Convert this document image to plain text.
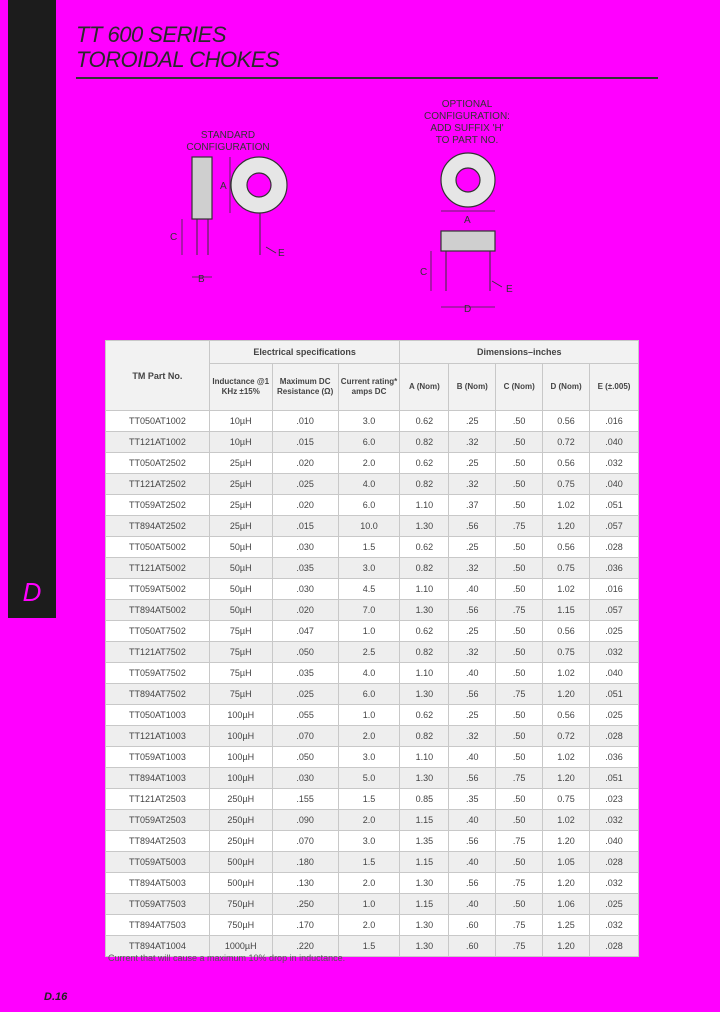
D
TT 600 SERIES
TOROIDAL CHOKES
STANDARD
CONFIGURATION
A
C
B
E
OPTIONAL
CONFIGURATION:
ADD SUFFIX 'H'
TO PART NO.
A
C
D
E
TM Part No.	Electrical specifications			Dimensions–inches				
	Inductance @1 KHz ±15%	Maximum DC Resistance (Ω)	Current rating* amps DC	A (Nom)	B (Nom)	C (Nom)	D (Nom)	E (±.005)
TT050AT1002	10µH	.010	3.0	0.62	.25	.50	0.56	.016
TT121AT1002	10µH	.015	6.0	0.82	.32	.50	0.72	.040
TT050AT2502	25µH	.020	2.0	0.62	.25	.50	0.56	.032
TT121AT2502	25µH	.025	4.0	0.82	.32	.50	0.75	.040
TT059AT2502	25µH	.020	6.0	1.10	.37	.50	1.02	.051
TT894AT2502	25µH	.015	10.0	1.30	.56	.75	1.20	.057
TT050AT5002	50µH	.030	1.5	0.62	.25	.50	0.56	.028
TT121AT5002	50µH	.035	3.0	0.82	.32	.50	0.75	.036
TT059AT5002	50µH	.030	4.5	1.10	.40	.50	1.02	.016
TT894AT5002	50µH	.020	7.0	1.30	.56	.75	1.15	.057
TT050AT7502	75µH	.047	1.0	0.62	.25	.50	0.56	.025
TT121AT7502	75µH	.050	2.5	0.82	.32	.50	0.75	.032
TT059AT7502	75µH	.035	4.0	1.10	.40	.50	1.02	.040
TT894AT7502	75µH	.025	6.0	1.30	.56	.75	1.20	.051
TT050AT1003	100µH	.055	1.0	0.62	.25	.50	0.56	.025
TT121AT1003	100µH	.070	2.0	0.82	.32	.50	0.72	.028
TT059AT1003	100µH	.050	3.0	1.10	.40	.50	1.02	.036
TT894AT1003	100µH	.030	5.0	1.30	.56	.75	1.20	.051
TT121AT2503	250µH	.155	1.5	0.85	.35	.50	0.75	.023
TT059AT2503	250µH	.090	2.0	1.15	.40	.50	1.02	.032
TT894AT2503	250µH	.070	3.0	1.35	.56	.75	1.20	.040
TT059AT5003	500µH	.180	1.5	1.15	.40	.50	1.05	.028
TT894AT5003	500µH	.130	2.0	1.30	.56	.75	1.20	.032
TT059AT7503	750µH	.250	1.0	1.15	.40	.50	1.06	.025
TT894AT7503	750µH	.170	2.0	1.30	.60	.75	1.25	.032
TT894AT1004	1000µH	.220	1.5	1.30	.60	.75	1.20	.028
Current that will cause a maximum 10% drop in inductance.
D.16
